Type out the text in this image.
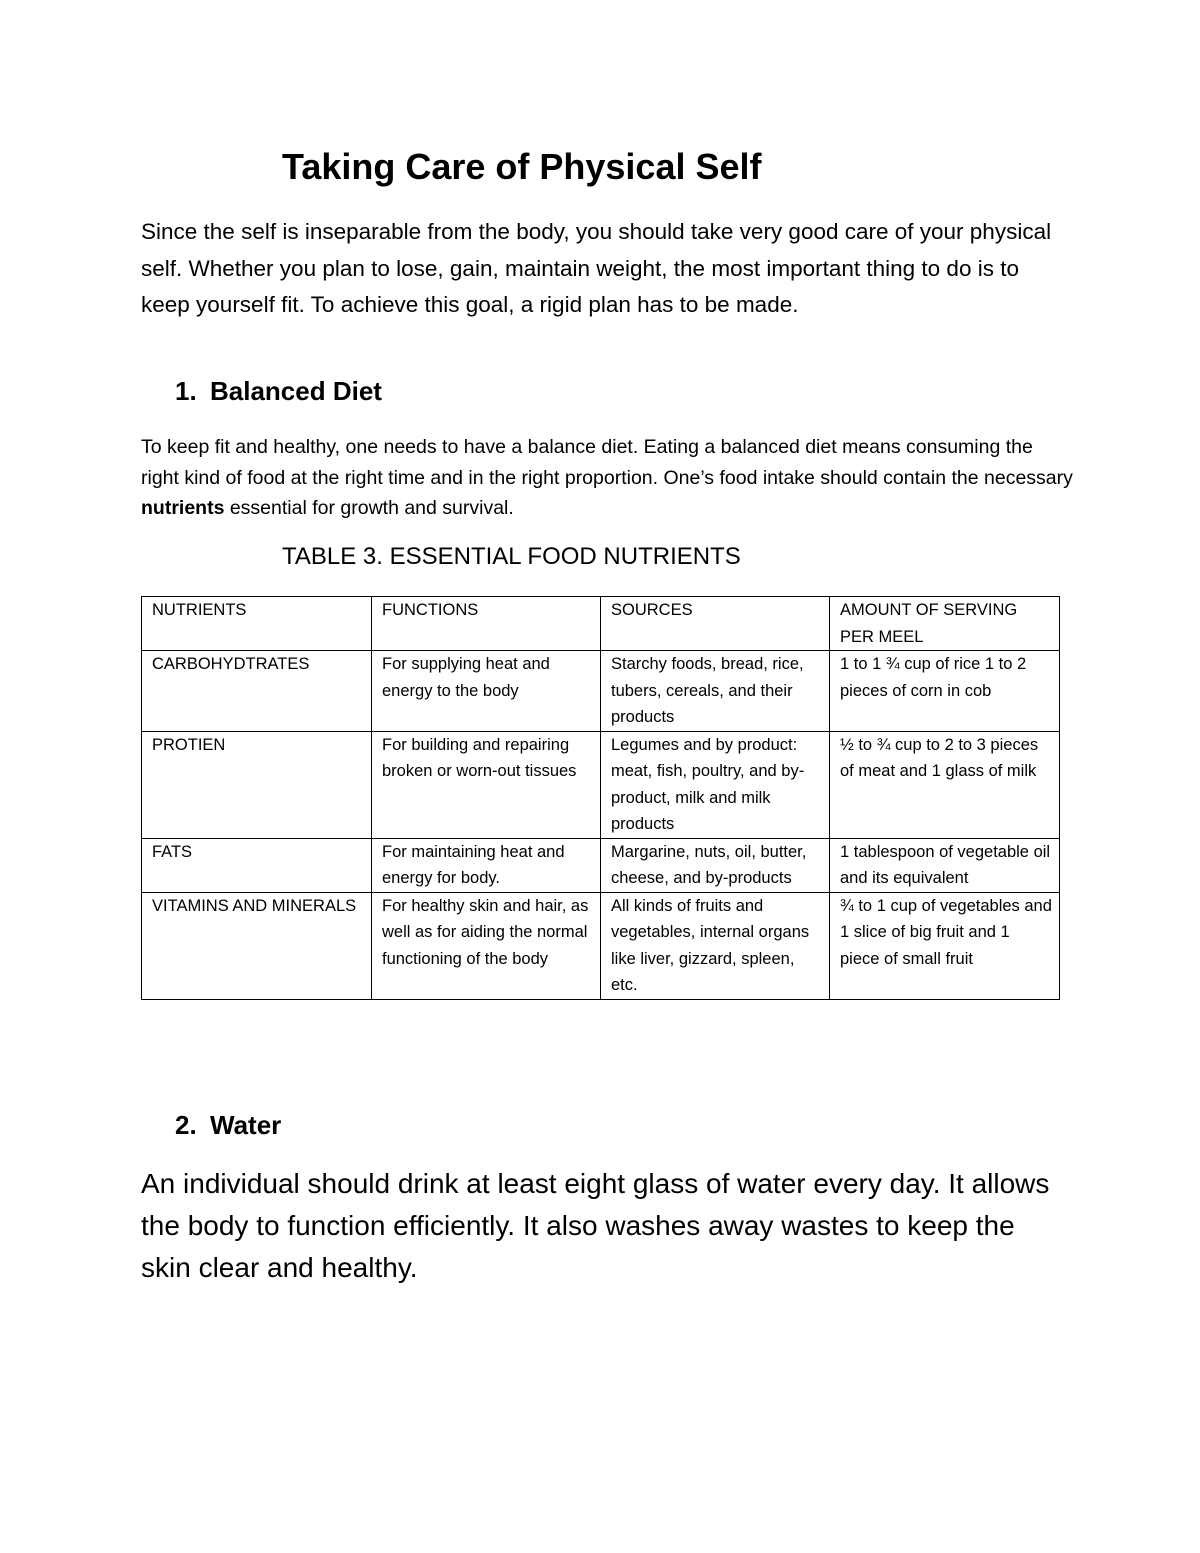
Taking Care of Physical Self

Since the self is inseparable from the body, you should take very good care of your physical self. Whether you plan to lose, gain, maintain weight, the most important thing to do is to keep yourself fit. To achieve this goal, a rigid plan has to be made.

1. Balanced Diet

To keep fit and healthy, one needs to have a balance diet. Eating a balanced diet means consuming the right kind of food at the right time and in the right proportion. One’s food intake should contain the necessary nutrients essential for growth and survival.

TABLE 3. ESSENTIAL FOOD NUTRIENTS
NUTRIENTS	FUNCTIONS	SOURCES	AMOUNT OF SERVING PER MEEL
CARBOHYDTRATES	For supplying heat and energy to the body	Starchy foods, bread, rice, tubers, cereals, and their products	1 to 1 ¾ cup of rice 1 to 2 pieces of corn in cob
PROTIEN	For building and repairing broken or worn-out tissues	Legumes and by product: meat, fish, poultry, and by-product, milk and milk products	½ to ¾ cup to 2 to 3 pieces of meat and 1 glass of milk
FATS	For maintaining heat and energy for body.	Margarine, nuts, oil, butter, cheese, and by-products	1 tablespoon of vegetable oil and its equivalent
VITAMINS AND MINERALS	For healthy skin and hair, as well as for aiding the normal functioning of the body	All kinds of fruits and vegetables, internal organs like liver, gizzard, spleen, etc.	¾ to 1 cup of vegetables and 1 slice of big fruit and 1 piece of small fruit
2. Water

An individual should drink at least eight glass of water every day. It allows the body to function efficiently. It also washes away wastes to keep the skin clear and healthy.
